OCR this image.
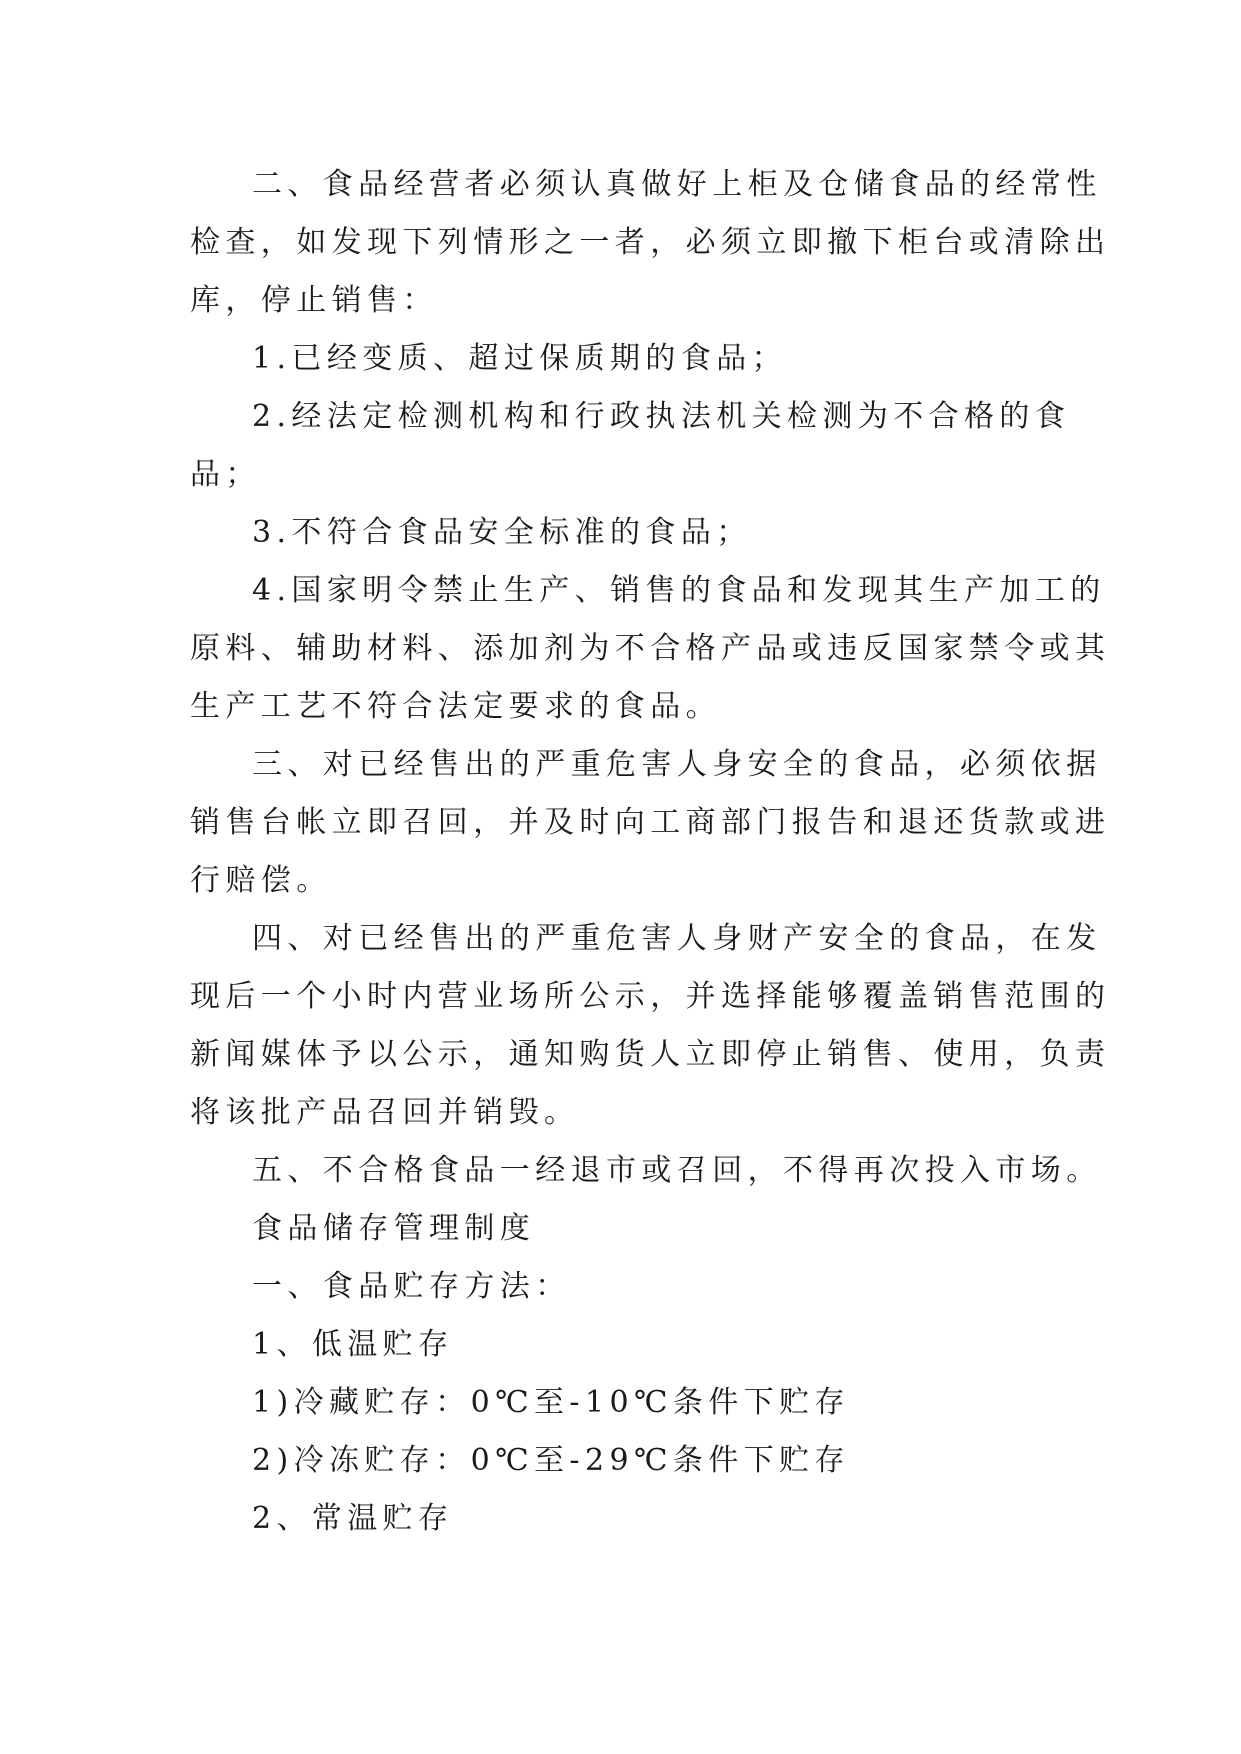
二、食品经营者必须认真做好上柜及仓储食品的经常性
检查，如发现下列情形之一者，必须立即撤下柜台或清除出
库，停止销售：
1.已经变质、超过保质期的食品；
2.经法定检测机构和行政执法机关检测为不合格的食
品；
3.不符合食品安全标准的食品；
4.国家明令禁止生产、销售的食品和发现其生产加工的
原料、辅助材料、添加剂为不合格产品或违反国家禁令或其
生产工艺不符合法定要求的食品。
三、对已经售出的严重危害人身安全的食品，必须依据
销售台帐立即召回，并及时向工商部门报告和退还货款或进
行赔偿。
四、对已经售出的严重危害人身财产安全的食品，在发
现后一个小时内营业场所公示，并选择能够覆盖销售范围的
新闻媒体予以公示，通知购货人立即停止销售、使用，负责
将该批产品召回并销毁。
五、不合格食品一经退市或召回，不得再次投入市场。
食品储存管理制度
一、食品贮存方法：
1、低温贮存
1)冷藏贮存：0℃至-10℃条件下贮存
2)冷冻贮存：0℃至-29℃条件下贮存
2、常温贮存
